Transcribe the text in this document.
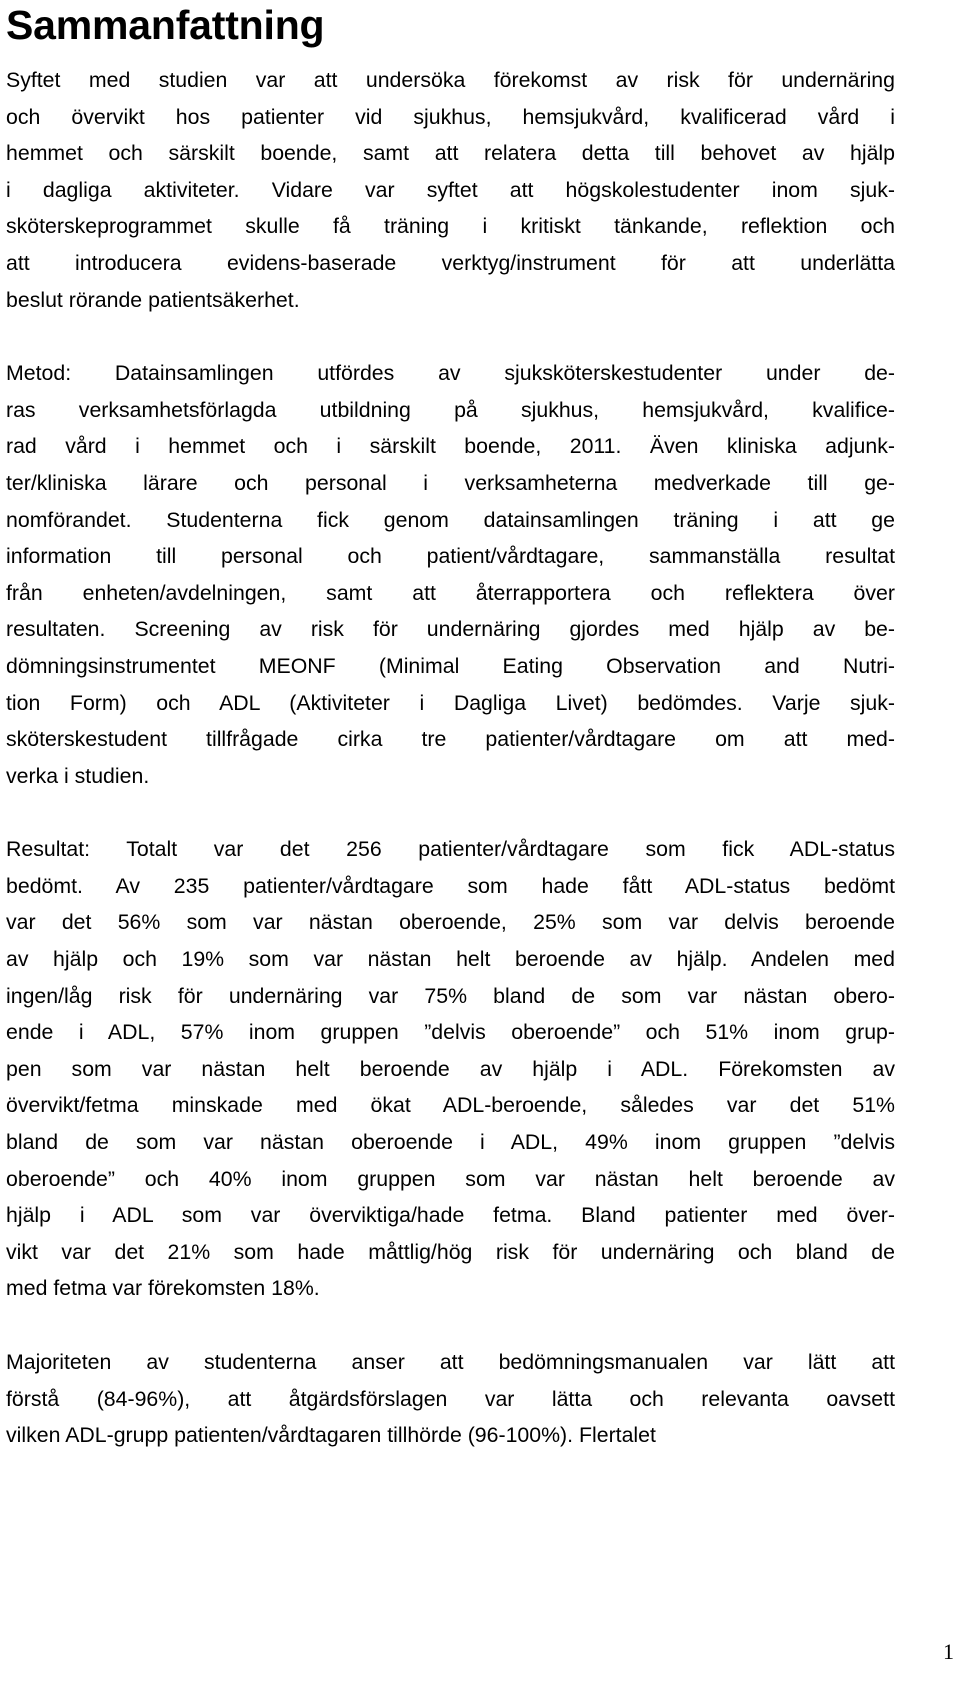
Sammanfattning
Syftet med studien var att undersöka förekomst av risk för undernäring
och övervikt hos patienter vid sjukhus, hemsjukvård, kvalificerad vård i
hemmet och särskilt boende, samt att relatera detta till behovet av hjälp
i dagliga aktiviteter. Vidare var syftet att högskolestudenter inom sjuk-
sköterskeprogrammet skulle få träning i kritiskt tänkande, reflektion och
att introducera evidens-baserade verktyg/instrument för att underlätta
beslut rörande patientsäkerhet.
Metod: Datainsamlingen utfördes av sjuksköterskestudenter under de-
ras verksamhetsförlagda utbildning på sjukhus, hemsjukvård, kvalifice-
rad vård i hemmet och i särskilt boende, 2011. Även kliniska adjunk-
ter/kliniska lärare och personal i verksamheterna medverkade till ge-
nomförandet. Studenterna fick genom datainsamlingen träning i att ge
information till personal och patient/vårdtagare, sammanställa resultat
från enheten/avdelningen, samt att återrapportera och reflektera över
resultaten. Screening av risk för undernäring gjordes med hjälp av be-
dömningsinstrumentet MEONF (Minimal Eating Observation and Nutri-
tion Form) och ADL (Aktiviteter i Dagliga Livet) bedömdes. Varje sjuk-
sköterskestudent tillfrågade cirka tre patienter/vårdtagare om att med-
verka i studien.
Resultat: Totalt var det 256 patienter/vårdtagare som fick ADL-status
bedömt. Av 235 patienter/vårdtagare som hade fått ADL-status bedömt
var det 56% som var nästan oberoende, 25% som var delvis beroende
av hjälp och 19% som var nästan helt beroende av hjälp. Andelen med
ingen/låg risk för undernäring var 75% bland de som var nästan obero-
ende i ADL, 57% inom gruppen ”delvis oberoende” och 51% inom grup-
pen som var nästan helt beroende av hjälp i ADL. Förekomsten av
övervikt/fetma minskade med ökat ADL-beroende, således var det 51%
bland de som var nästan oberoende i ADL, 49% inom gruppen ”delvis
oberoende” och 40% inom gruppen som var nästan helt beroende av
hjälp i ADL som var överviktiga/hade fetma. Bland patienter med över-
vikt var det 21% som hade måttlig/hög risk för undernäring och bland de
med fetma var förekomsten 18%.
Majoriteten av studenterna anser att bedömningsmanualen var lätt att
förstå (84-96%), att åtgärdsförslagen var lätta och relevanta oavsett
vilken ADL-grupp patienten/vårdtagaren tillhörde (96-100%). Flertalet
1
